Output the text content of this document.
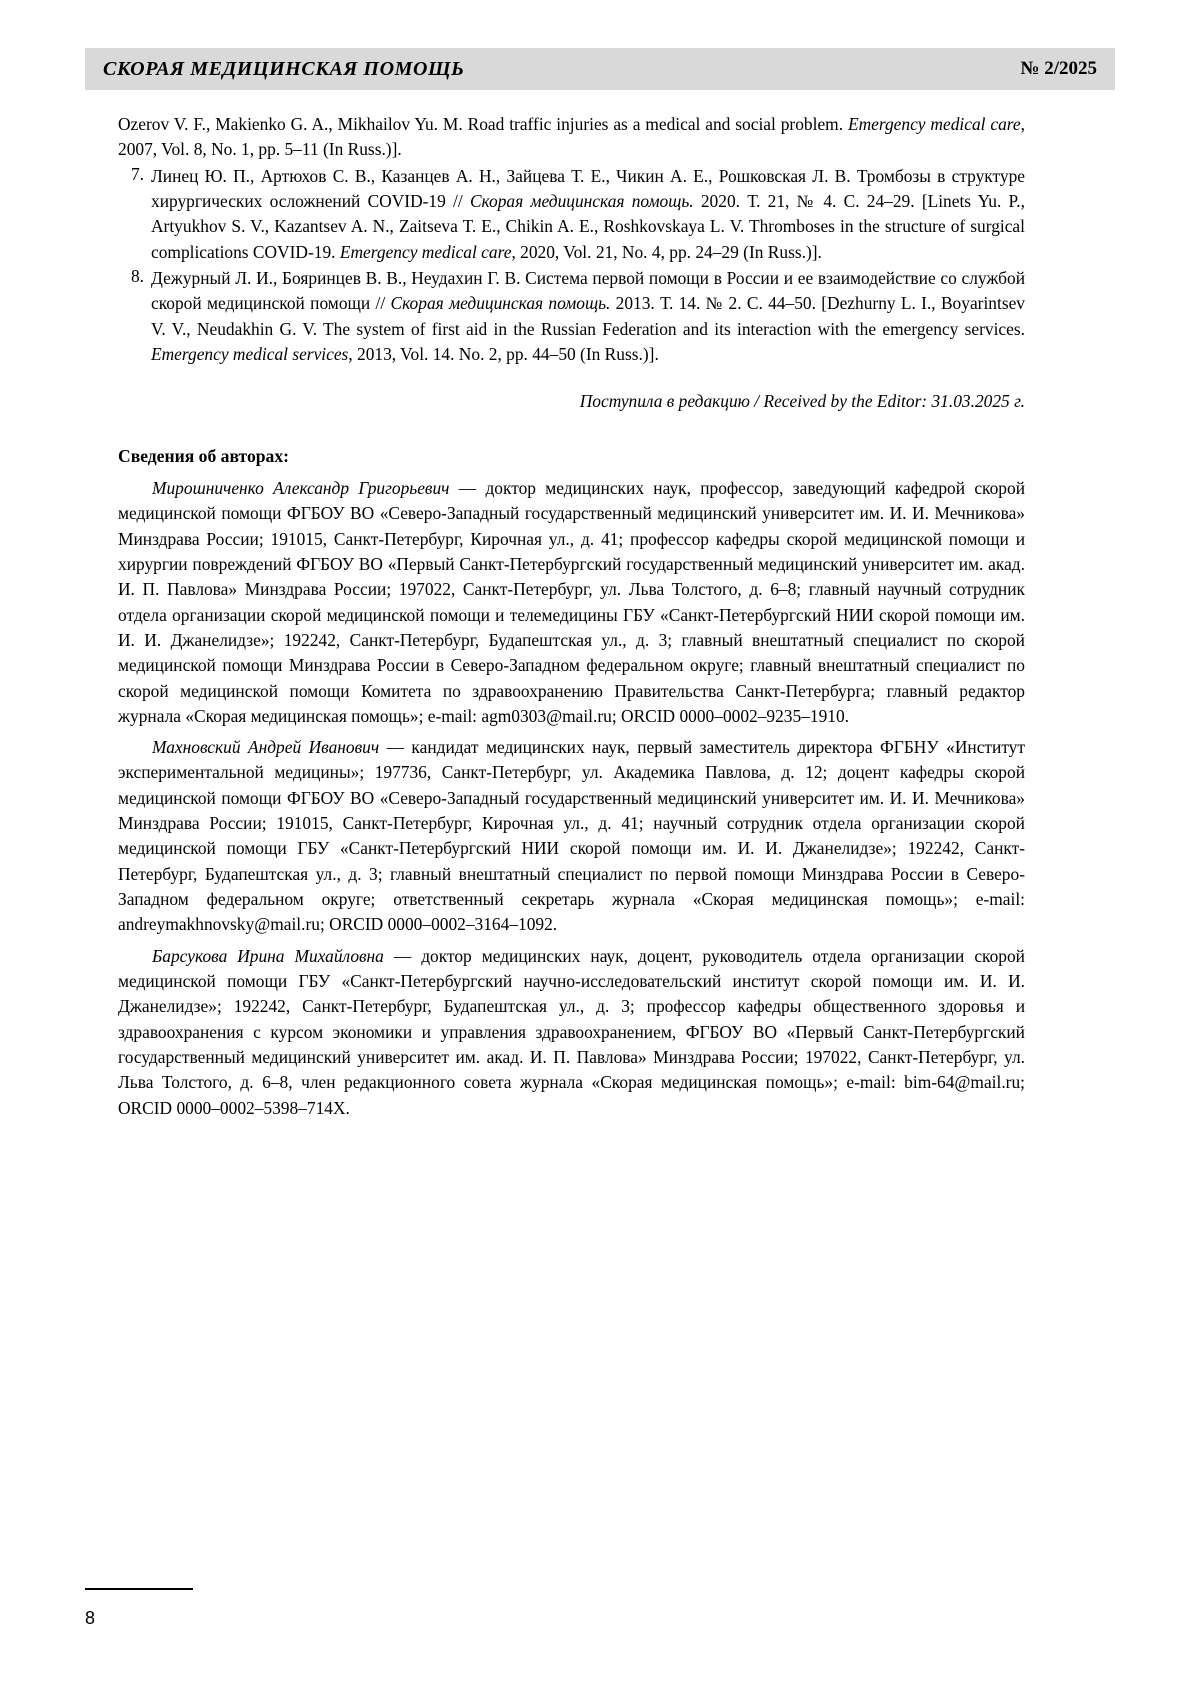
СКОРАЯ МЕДИЦИНСКАЯ ПОМОЩЬ	№ 2/2025

Ozerov V. F., Makienko G. A., Mikhailov Yu. M. Road traffic injuries as a medical and social problem. Emergency medical care, 2007, Vol. 8, No. 1, pp. 5–11 (In Russ.)].

7. Линец Ю. П., Артюхов С. В., Казанцев А. Н., Зайцева Т. Е., Чикин А. Е., Рошковская Л. В. Тромбозы в структуре хирургических осложнений COVID-19 // Скорая медицинская помощь. 2020. Т. 21, № 4. С. 24–29. [Linets Yu. P., Artyukhov S. V., Kazantsev A. N., Zaitseva T. E., Chikin A. E., Roshkovskaya L. V. Thromboses in the structure of surgical complications COVID-19. Emergency medical care, 2020, Vol. 21, No. 4, pp. 24–29 (In Russ.)].

8. Дежурный Л. И., Бояринцев В. В., Неудахин Г. В. Система первой помощи в России и ее взаимодействие со службой скорой медицинской помощи // Скорая медицинская помощь. 2013. Т. 14. № 2. С. 44–50. [Dezhurny L. I., Boyarintsev V. V., Neudakhin G. V. The system of first aid in the Russian Federation and its interaction with the emergency services. Emergency medical services, 2013, Vol. 14. No. 2, pp. 44–50 (In Russ.)].

Поступила в редакцию / Received by the Editor: 31.03.2025 г.

Сведения об авторах:

Мирошниченко Александр Григорьевич — доктор медицинских наук, профессор, заведующий кафедрой скорой медицинской помощи ФГБОУ ВО «Северо-Западный государственный медицинский университет им. И. И. Мечникова» Минздрава России; 191015, Санкт-Петербург, Кирочная ул., д. 41; профессор кафедры скорой медицинской помощи и хирургии повреждений ФГБОУ ВО «Первый Санкт-Петербургский государственный медицинский университет им. акад. И. П. Павлова» Минздрава России; 197022, Санкт-Петербург, ул. Льва Толстого, д. 6–8; главный научный сотрудник отдела организации скорой медицинской помощи и телемедицины ГБУ «Санкт-Петербургский НИИ скорой помощи им. И. И. Джанелидзе»; 192242, Санкт-Петербург, Будапештская ул., д. 3; главный внештатный специалист по скорой медицинской помощи Минздрава России в Северо-Западном федеральном округе; главный внештатный специалист по скорой медицинской помощи Комитета по здравоохранению Правительства Санкт-Петербурга; главный редактор журнала «Скорая медицинская помощь»; e-mail: agm0303@mail.ru; ORCID 0000–0002–9235–1910.

Махновский Андрей Иванович — кандидат медицинских наук, первый заместитель директора ФГБНУ «Институт экспериментальной медицины»; 197736, Санкт-Петербург, ул. Академика Павлова, д. 12; доцент кафедры скорой медицинской помощи ФГБОУ ВО «Северо-Западный государственный медицинский университет им. И. И. Мечникова» Минздрава России; 191015, Санкт-Петербург, Кирочная ул., д. 41; научный сотрудник отдела организации скорой медицинской помощи ГБУ «Санкт-Петербургский НИИ скорой помощи им. И. И. Джанелидзе»; 192242, Санкт-Петербург, Будапештская ул., д. 3; главный внештатный специалист по первой помощи Минздрава России в Северо-Западном федеральном округе; ответственный секретарь журнала «Скорая медицинская помощь»; e-mail: andreymakhnovsky@mail.ru; ORCID 0000–0002–3164–1092.

Барсукова Ирина Михайловна — доктор медицинских наук, доцент, руководитель отдела организации скорой медицинской помощи ГБУ «Санкт-Петербургский научно-исследовательский институт скорой помощи им. И. И. Джанелидзе»; 192242, Санкт-Петербург, Будапештская ул., д. 3; профессор кафедры общественного здоровья и здравоохранения с курсом экономики и управления здравоохранением, ФГБОУ ВО «Первый Санкт-Петербургский государственный медицинский университет им. акад. И. П. Павлова» Минздрава России; 197022, Санкт-Петербург, ул. Льва Толстого, д. 6–8, член редакционного совета журнала «Скорая медицинская помощь»; e-mail: bim-64@mail.ru; ORCID 0000–0002–5398–714X.

8
